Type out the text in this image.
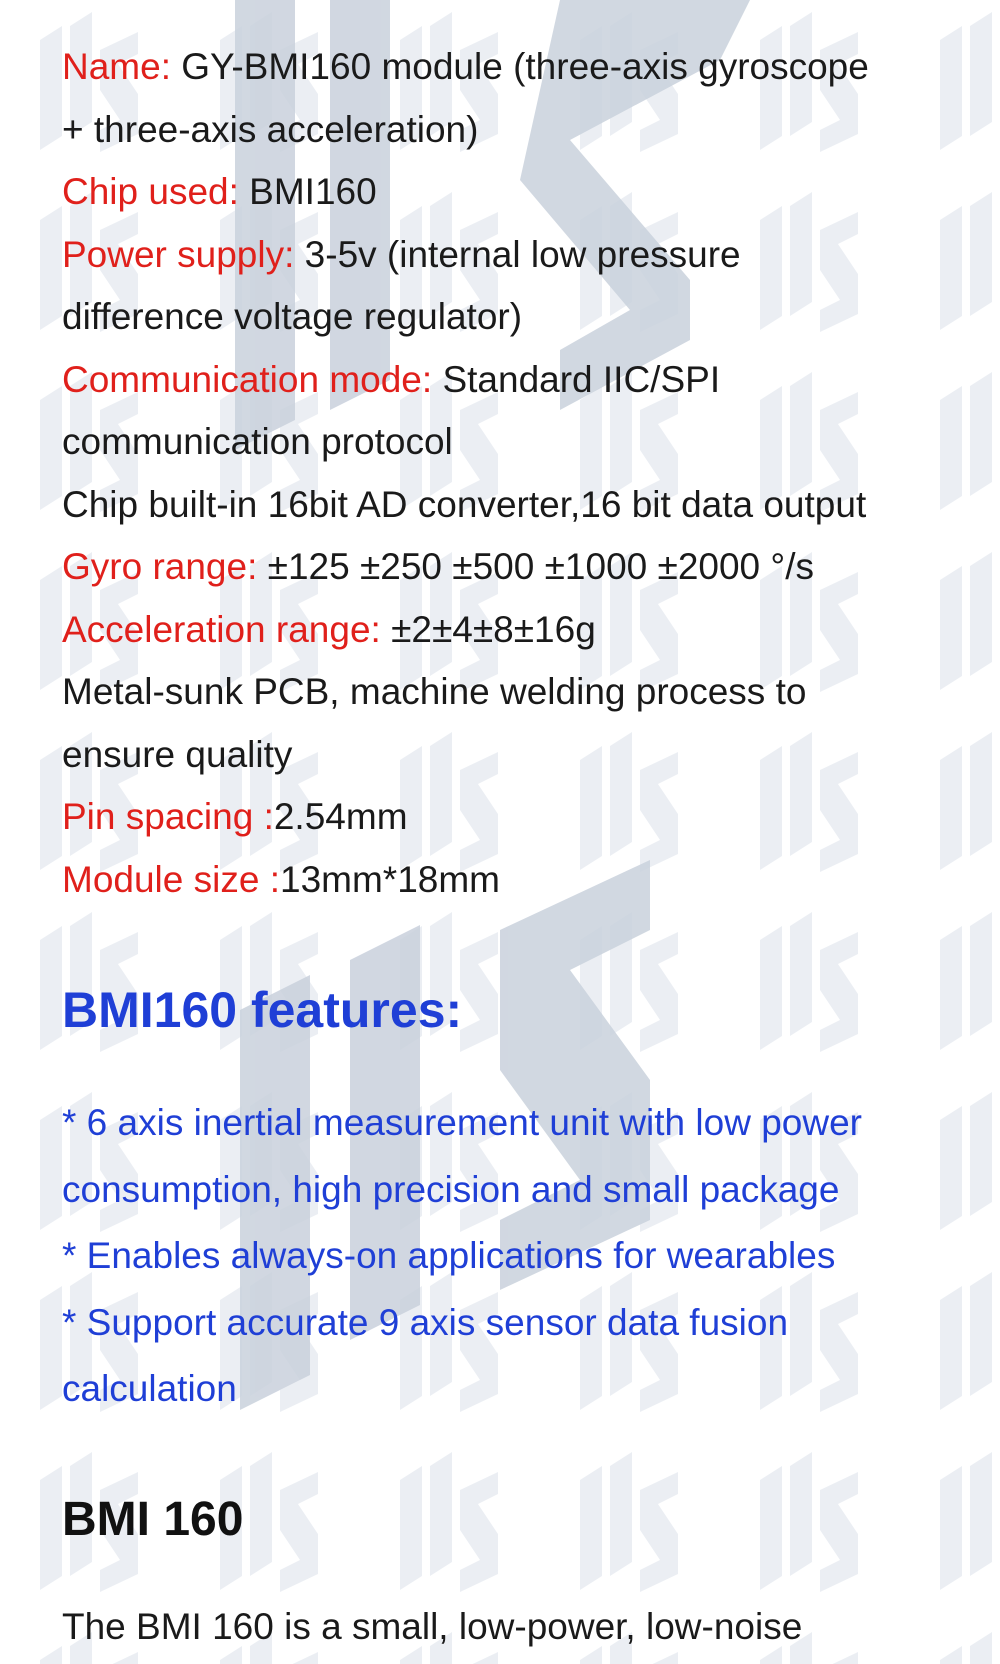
Name: GY-BMI160 module (three-axis gyroscope
+ three-axis acceleration)
Chip used: BMI160
Power supply: 3-5v (internal low pressure
difference voltage regulator)
Communication mode: Standard IIC/SPI
communication protocol
Chip built-in 16bit AD converter,16 bit data output
Gyro range: ±125 ±250 ±500 ±1000 ±2000 °/s
Acceleration range: ±2±4±8±16g
Metal-sunk PCB, machine welding process to
ensure quality
Pin spacing :2.54mm
Module size :13mm*18mm
BMI160 features:
* 6 axis inertial measurement unit with low power
consumption, high precision and small package
* Enables always-on applications for wearables
* Support accurate 9 axis sensor data fusion
calculation
BMI 160

The BMI 160 is a small, low-power, low-noise
